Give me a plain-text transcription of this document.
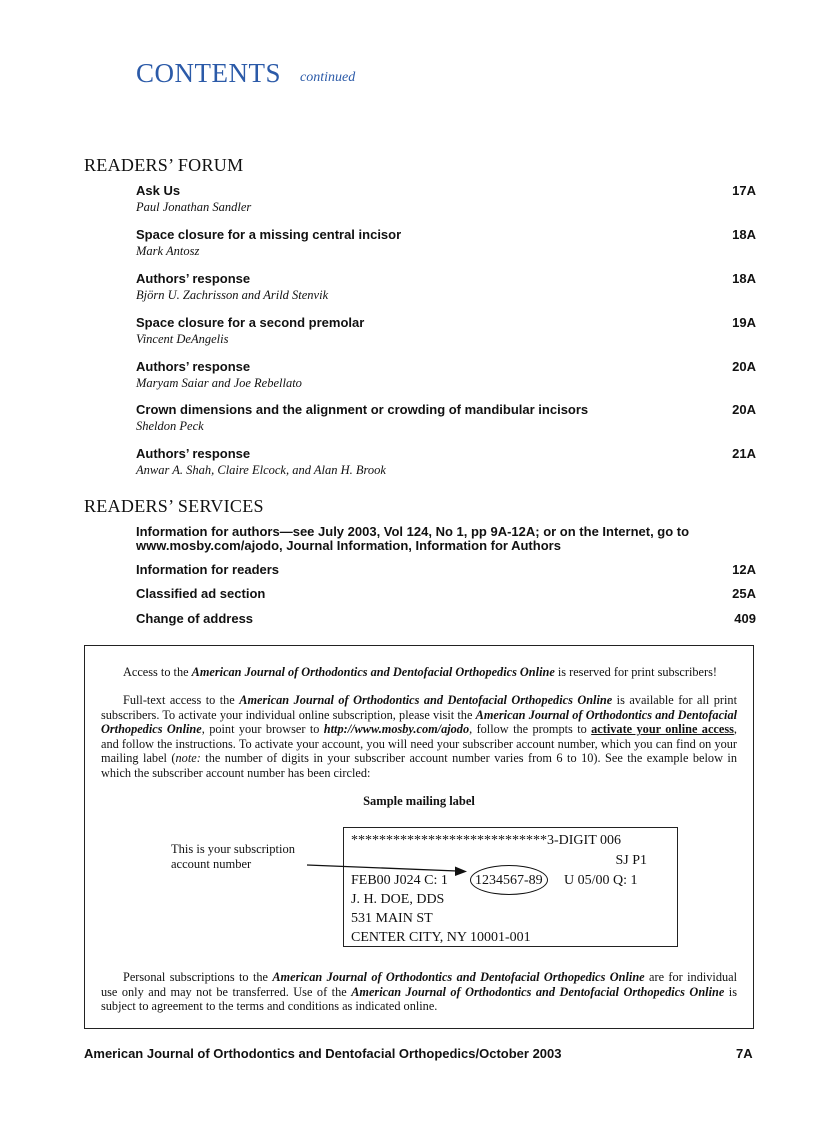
CONTENTS continued
READERS’ FORUM
Ask Us
Paul Jonathan Sandler
17A
Space closure for a missing central incisor
Mark Antosz
18A
Authors’ response
Björn U. Zachrisson and Arild Stenvik
18A
Space closure for a second premolar
Vincent DeAngelis
19A
Authors’ response
Maryam Saiar and Joe Rebellato
20A
Crown dimensions and the alignment or crowding of mandibular incisors
Sheldon Peck
20A
Authors’ response
Anwar A. Shah, Claire Elcock, and Alan H. Brook
21A
READERS’ SERVICES
Information for authors—see July 2003, Vol 124, No 1, pp 9A-12A; or on the Internet, go to
www.mosby.com/ajodo, Journal Information, Information for Authors
Information for readers	12A
Classified ad section	25A
Change of address	409
Access to the American Journal of Orthodontics and Dentofacial Orthopedics Online is reserved for print subscribers!
Full-text access to the American Journal of Orthodontics and Dentofacial Orthopedics Online is available for all print subscribers. To activate your individual online subscription, please visit the American Journal of Orthodontics and Dentofacial Orthopedics Online, point your browser to http://www.mosby.com/ajodo, follow the prompts to activate your online access, and follow the instructions. To activate your account, you will need your subscriber account number, which you can find on your mailing label (note: the number of digits in your subscriber account number varies from 6 to 10). See the example below in which the subscriber account number has been circled:
Sample mailing label
This is your subscription account number
****************************3-DIGIT 006
SJ P1
FEB00 J024 C: 1 1234567-89 U 05/00 Q: 1
J. H. DOE, DDS
531 MAIN ST
CENTER CITY, NY 10001-001
Personal subscriptions to the American Journal of Orthodontics and Dentofacial Orthopedics Online are for individual use only and may not be transferred. Use of the American Journal of Orthodontics and Dentofacial Orthopedics Online is subject to agreement to the terms and conditions as indicated online.
American Journal of Orthodontics and Dentofacial Orthopedics/October 2003	7A
